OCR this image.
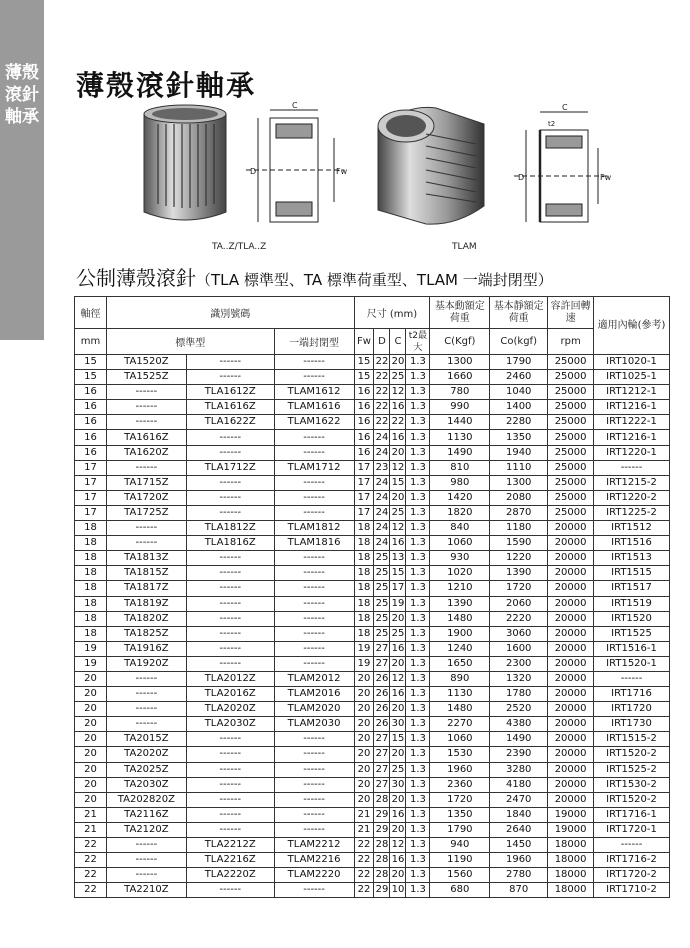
薄殼滾針軸承
薄殼滾針軸承
C
D	Fw
C
D	Fw
t2
TA..Z/TLA..Z	TLAM
公制薄殼滾針（TLA 標準型、TA 標準荷重型、TLAM 一端封閉型）
軸徑	識別號碼			尺寸 (mm)				基本動額定荷重	基本靜額定荷重	容許回轉速	適用內輪(參考)
mm	標準型		一端封閉型	Fw	D	C	t2最大	C(Kgf)	Co(kgf)	rpm	
15	TA1520Z	------	------	15	22	20	1.3	1300	1790	25000	IRT1020-1
15	TA1525Z	------	------	15	22	25	1.3	1660	2460	25000	IRT1025-1
16	------	TLA1612Z	TLAM1612	16	22	12	1.3	780	1040	25000	IRT1212-1
16	------	TLA1616Z	TLAM1616	16	22	16	1.3	990	1400	25000	IRT1216-1
16	------	TLA1622Z	TLAM1622	16	22	22	1.3	1440	2280	25000	IRT1222-1
16	TA1616Z	------	------	16	24	16	1.3	1130	1350	25000	IRT1216-1
16	TA1620Z	------	------	16	24	20	1.3	1490	1940	25000	IRT1220-1
17	------	TLA1712Z	TLAM1712	17	23	12	1.3	810	1110	25000	------
17	TA1715Z	------	------	17	24	15	1.3	980	1300	25000	IRT1215-2
17	TA1720Z	------	------	17	24	20	1.3	1420	2080	25000	IRT1220-2
17	TA1725Z	------	------	17	24	25	1.3	1820	2870	25000	IRT1225-2
18	------	TLA1812Z	TLAM1812	18	24	12	1.3	840	1180	20000	IRT1512
18	------	TLA1816Z	TLAM1816	18	24	16	1.3	1060	1590	20000	IRT1516
18	TA1813Z	------	------	18	25	13	1.3	930	1220	20000	IRT1513
18	TA1815Z	------	------	18	25	15	1.3	1020	1390	20000	IRT1515
18	TA1817Z	------	------	18	25	17	1.3	1210	1720	20000	IRT1517
18	TA1819Z	------	------	18	25	19	1.3	1390	2060	20000	IRT1519
18	TA1820Z	------	------	18	25	20	1.3	1480	2220	20000	IRT1520
18	TA1825Z	------	------	18	25	25	1.3	1900	3060	20000	IRT1525
19	TA1916Z	------	------	19	27	16	1.3	1240	1600	20000	IRT1516-1
19	TA1920Z	------	------	19	27	20	1.3	1650	2300	20000	IRT1520-1
20	------	TLA2012Z	TLAM2012	20	26	12	1.3	890	1320	20000	------
20	------	TLA2016Z	TLAM2016	20	26	16	1.3	1130	1780	20000	IRT1716
20	------	TLA2020Z	TLAM2020	20	26	20	1.3	1480	2520	20000	IRT1720
20	------	TLA2030Z	TLAM2030	20	26	30	1.3	2270	4380	20000	IRT1730
20	TA2015Z	------	------	20	27	15	1.3	1060	1490	20000	IRT1515-2
20	TA2020Z	------	------	20	27	20	1.3	1530	2390	20000	IRT1520-2
20	TA2025Z	------	------	20	27	25	1.3	1960	3280	20000	IRT1525-2
20	TA2030Z	------	------	20	27	30	1.3	2360	4180	20000	IRT1530-2
20	TA202820Z	------	------	20	28	20	1.3	1720	2470	20000	IRT1520-2
21	TA2116Z	------	------	21	29	16	1.3	1350	1840	19000	IRT1716-1
21	TA2120Z	------	------	21	29	20	1.3	1790	2640	19000	IRT1720-1
22	------	TLA2212Z	TLAM2212	22	28	12	1.3	940	1450	18000	------
22	------	TLA2216Z	TLAM2216	22	28	16	1.3	1190	1960	18000	IRT1716-2
22	------	TLA2220Z	TLAM2220	22	28	20	1.3	1560	2780	18000	IRT1720-2
22	TA2210Z	------	------	22	29	10	1.3	680	870	18000	IRT1710-2
